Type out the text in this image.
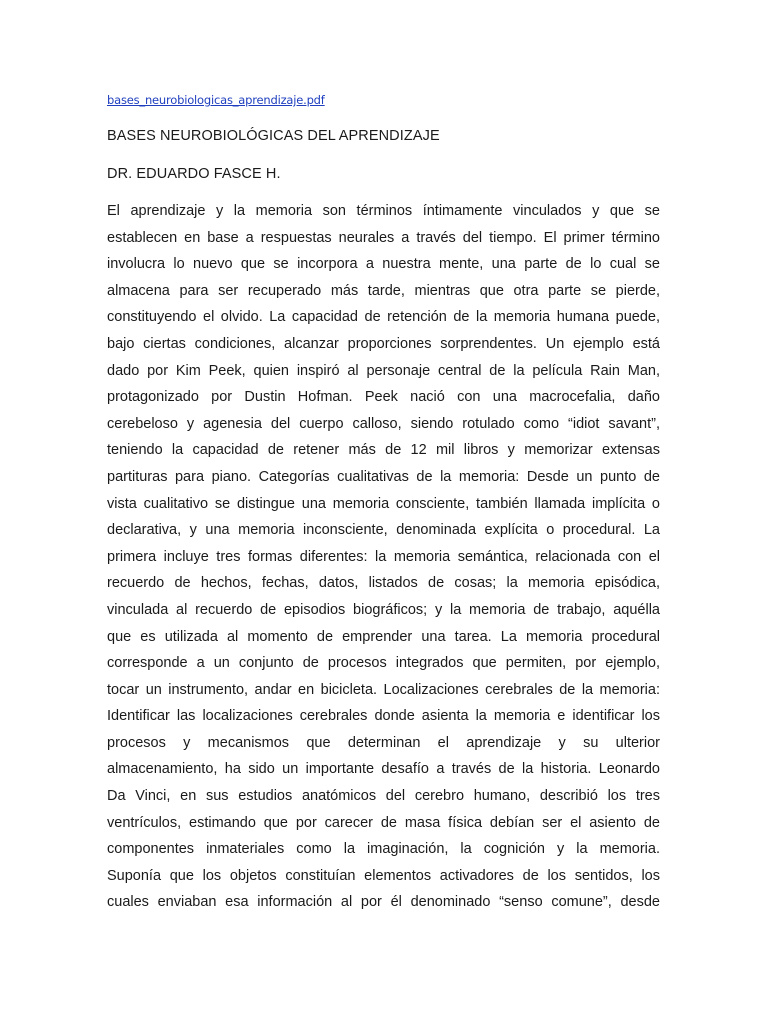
bases_neurobiologicas_aprendizaje.pdf
BASES NEUROBIOLÓGICAS DEL APRENDIZAJE
DR. EDUARDO FASCE H.
El aprendizaje y la memoria son términos íntimamente vinculados y que se
establecen en base a respuestas neurales a través del tiempo. El primer término
involucra lo nuevo que se incorpora a nuestra mente, una parte de lo cual se
almacena para ser recuperado más tarde, mientras que otra parte se pierde,
constituyendo el olvido. La capacidad de retención de la memoria humana puede,
bajo ciertas condiciones, alcanzar proporciones sorprendentes. Un ejemplo está
dado por Kim Peek, quien inspiró al personaje central de la película Rain Man,
protagonizado por Dustin Hofman. Peek nació con una macrocefalia, daño
cerebeloso y agenesia del cuerpo calloso, siendo rotulado como “idiot savant”,
teniendo la capacidad de retener más de 12 mil libros y memorizar extensas
partituras para piano. Categorías cualitativas de la memoria: Desde un punto de
vista cualitativo se distingue una memoria consciente, también llamada implícita o
declarativa, y una memoria inconsciente, denominada explícita o procedural. La
primera incluye tres formas diferentes: la memoria semántica, relacionada con el
recuerdo de hechos, fechas, datos, listados de cosas; la memoria episódica,
vinculada al recuerdo de episodios biográficos; y la memoria de trabajo, aquélla
que es utilizada al momento de emprender una tarea. La memoria procedural
corresponde a un conjunto de procesos integrados que permiten, por ejemplo,
tocar un instrumento, andar en bicicleta. Localizaciones cerebrales de la memoria:
Identificar las localizaciones cerebrales donde asienta la memoria e identificar los
procesos y mecanismos que determinan el aprendizaje y su ulterior
almacenamiento, ha sido un importante desafío a través de la historia. Leonardo
Da Vinci, en sus estudios anatómicos del cerebro humano, describió los tres
ventrículos, estimando que por carecer de masa física debían ser el asiento de
componentes inmateriales como la imaginación, la cognición y la memoria.
Suponía que los objetos constituían elementos activadores de los sentidos, los
cuales enviaban esa información al por él denominado “senso comune”, desde
